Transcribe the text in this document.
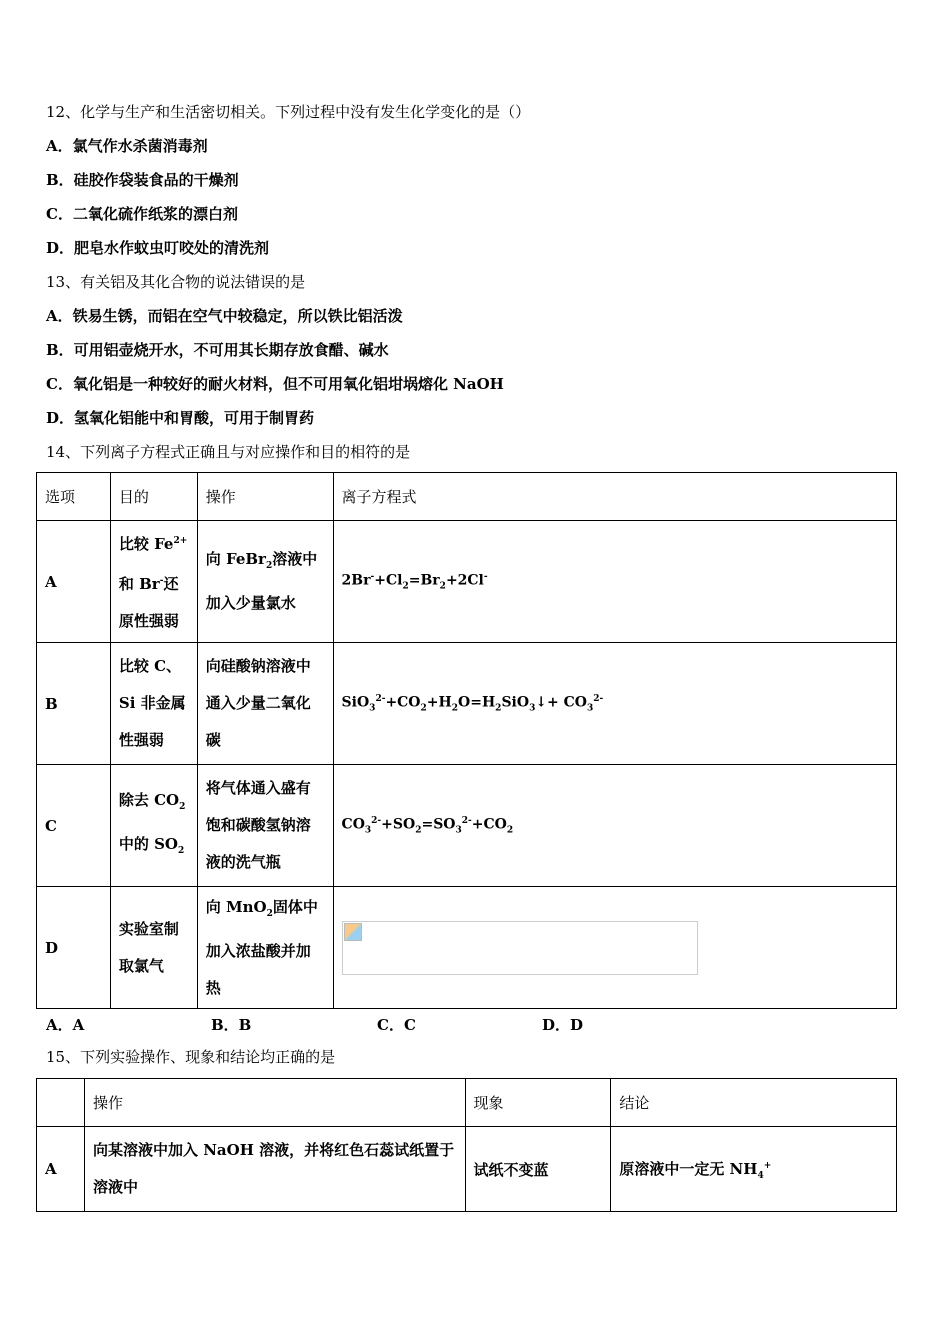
12、化学与生产和生活密切相关。下列过程中没有发生化学变化的是（）
A．氯气作水杀菌消毒剂
B．硅胶作袋装食品的干燥剂
C．二氧化硫作纸浆的漂白剂
D．肥皂水作蚊虫叮咬处的清洗剂
13、有关铝及其化合物的说法错误的是
A．铁易生锈，而铝在空气中较稳定，所以铁比铝活泼
B．可用铝壶烧开水，不可用其长期存放食醋、碱水
C．氧化铝是一种较好的耐火材料，但不可用氧化铝坩埚熔化 NaOH
D．氢氧化铝能中和胃酸，可用于制胃药
14、下列离子方程式正确且与对应操作和目的相符的是
选项	目的	操作	离子方程式
A	比较 $Fe^{2+}$
和 Br-还
原性强弱	向 FeBr$_2$溶液中
加入少量氯水	$2Br^-+Cl_2=Br_2+2Cl^-$
B	比较 C、
Si 非金属
性强弱	向硅酸钠溶液中
通入少量二氧化
碳	$SiO_3^{2-}+CO_2+H_2O=H_2SiO_3↓+ CO_3^{2-}$
C	除去 $CO_2$
中的 $SO_2$	将气体通入盛有
饱和碳酸氢钠溶
液的洗气瓶	$CO_3^{2-}+SO_2=SO_3^{2-}+CO_2$
D	实验室制
取氯气	向 MnO$_2$固体中
加入浓盐酸并加
热	
A．A	B．B	C．C	D．D
15、下列实验操作、现象和结论均正确的是
	操作	现象	结论
A	向某溶液中加入 NaOH 溶液，并将红色石蕊试纸置于溶液中	试纸不变蓝	原溶液中一定无 $NH_4^+$
